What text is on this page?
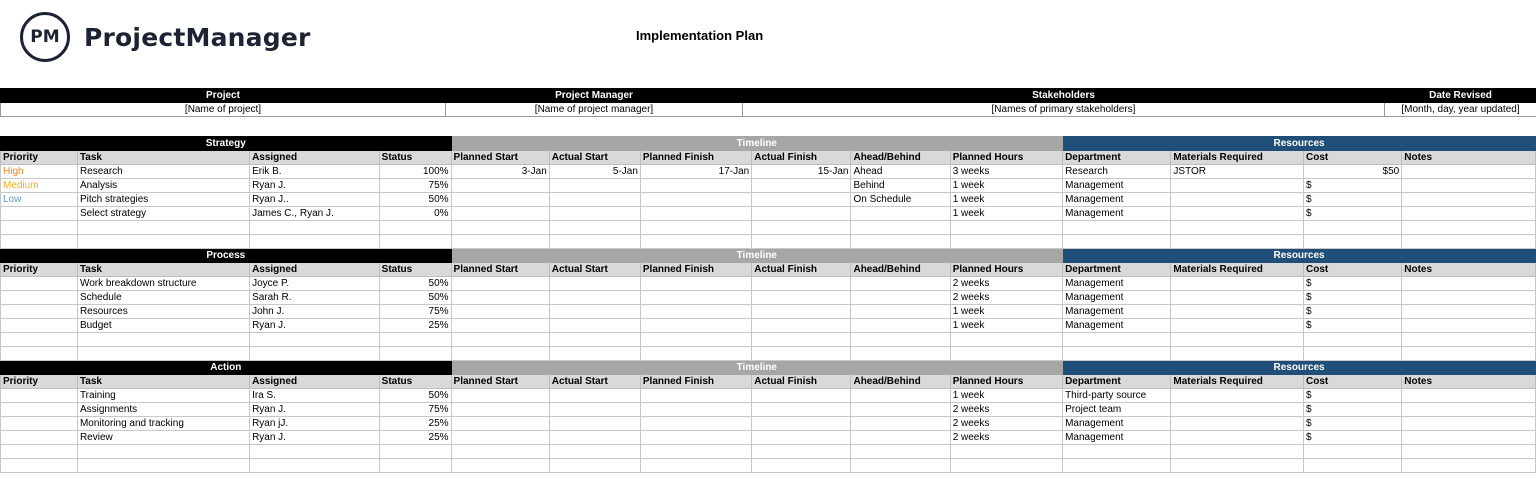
PM ProjectManager	Implementation Plan
Project	Project Manager	Stakeholders	Date Revised
[Name of project]	[Name of project manager]	[Names of primary stakeholders]	[Month, day, year updated]
Strategy				Timeline						Resources			
Priority	Task	Assigned	Status	Planned Start	Actual Start	Planned Finish	Actual Finish	Ahead/Behind	Planned Hours	Department	Materials Required	Cost	Notes
High	Research	Erik B.	100%	3-Jan	5-Jan	17-Jan	15-Jan	Ahead	3 weeks	Research	JSTOR	$50	
Medium	Analysis	Ryan J.	75%					Behind	1 week	Management		$	
Low	Pitch strategies	Ryan J..	50%					On Schedule	1 week	Management		$	
	Select strategy	James C., Ryan J.	0%						1 week	Management		$	

Process				Timeline						Resources			
Priority	Task	Assigned	Status	Planned Start	Actual Start	Planned Finish	Actual Finish	Ahead/Behind	Planned Hours	Department	Materials Required	Cost	Notes
	Work breakdown structure	Joyce P.	50%						2 weeks	Management		$	
	Schedule	Sarah R.	50%						2 weeks	Management		$	
	Resources	John J.	75%						1 week	Management		$	
	Budget	Ryan J.	25%						1 week	Management		$	

Action				Timeline						Resources			
Priority	Task	Assigned	Status	Planned Start	Actual Start	Planned Finish	Actual Finish	Ahead/Behind	Planned Hours	Department	Materials Required	Cost	Notes
	Training	Ira S.	50%						1 week	Third-party source		$	
	Assignments	Ryan J.	75%						2 weeks	Project team		$	
	Monitoring and tracking	Ryan jJ.	25%						2 weeks	Management		$	
	Review	Ryan J.	25%						2 weeks	Management		$	
